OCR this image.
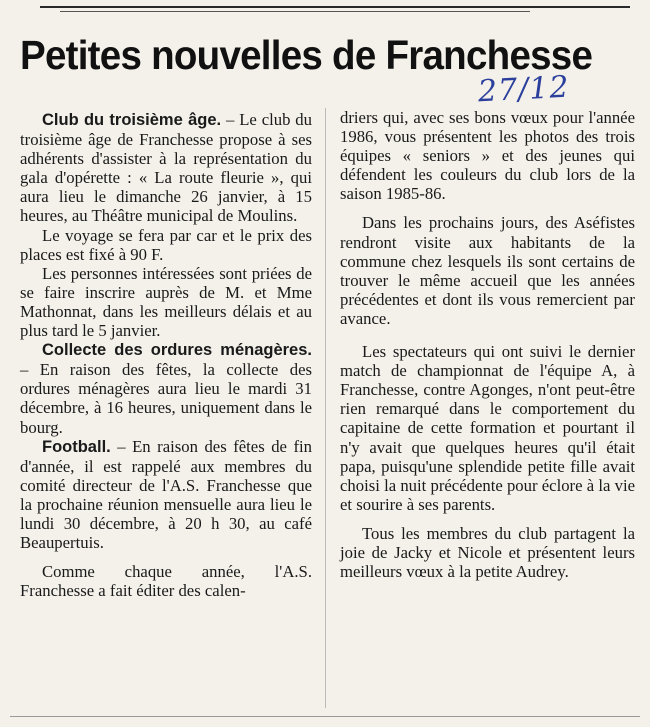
Petites nouvelles de Franchesse
27/12

Club du troisième âge. – Le club du troisième âge de Franchesse propose à ses adhérents d'assister à la représentation du gala d'opérette : « La route fleurie », qui aura lieu le dimanche 26 janvier, à 15 heures, au Théâtre municipal de Moulins.

Le voyage se fera par car et le prix des places est fixé à 90 F.

Les personnes intéressées sont priées de se faire inscrire auprès de M. et Mme Mathonnat, dans les meilleurs délais et au plus tard le 5 janvier.

Collecte des ordures ménagères. – En raison des fêtes, la collecte des ordures ménagères aura lieu le mardi 31 décembre, à 16 heures, uniquement dans le bourg.

Football. – En raison des fêtes de fin d'année, il est rappelé aux membres du comité directeur de l'A.S. Franchesse que la prochaine réunion mensuelle aura lieu le lundi 30 décembre, à 20 h 30, au café Beaupertuis.

Comme chaque année, l'A.S. Franchesse a fait éditer des calen-

driers qui, avec ses bons vœux pour l'année 1986, vous présentent les photos des trois équipes « seniors » et des jeunes qui défendent les couleurs du club lors de la saison 1985-86.

Dans les prochains jours, des Aséfistes rendront visite aux habitants de la commune chez lesquels ils sont certains de trouver le même accueil que les années précédentes et dont ils vous remercient par avance.

Les spectateurs qui ont suivi le dernier match de championnat de l'équipe A, à Franchesse, contre Agonges, n'ont peut-être rien remarqué dans le comportement du capitaine de cette formation et pourtant il n'y avait que quelques heures qu'il était papa, puisqu'une splendide petite fille avait choisi la nuit précédente pour éclore à la vie et sourire à ses parents.

Tous les membres du club partagent la joie de Jacky et Nicole et présentent leurs meilleurs vœux à la petite Audrey.
